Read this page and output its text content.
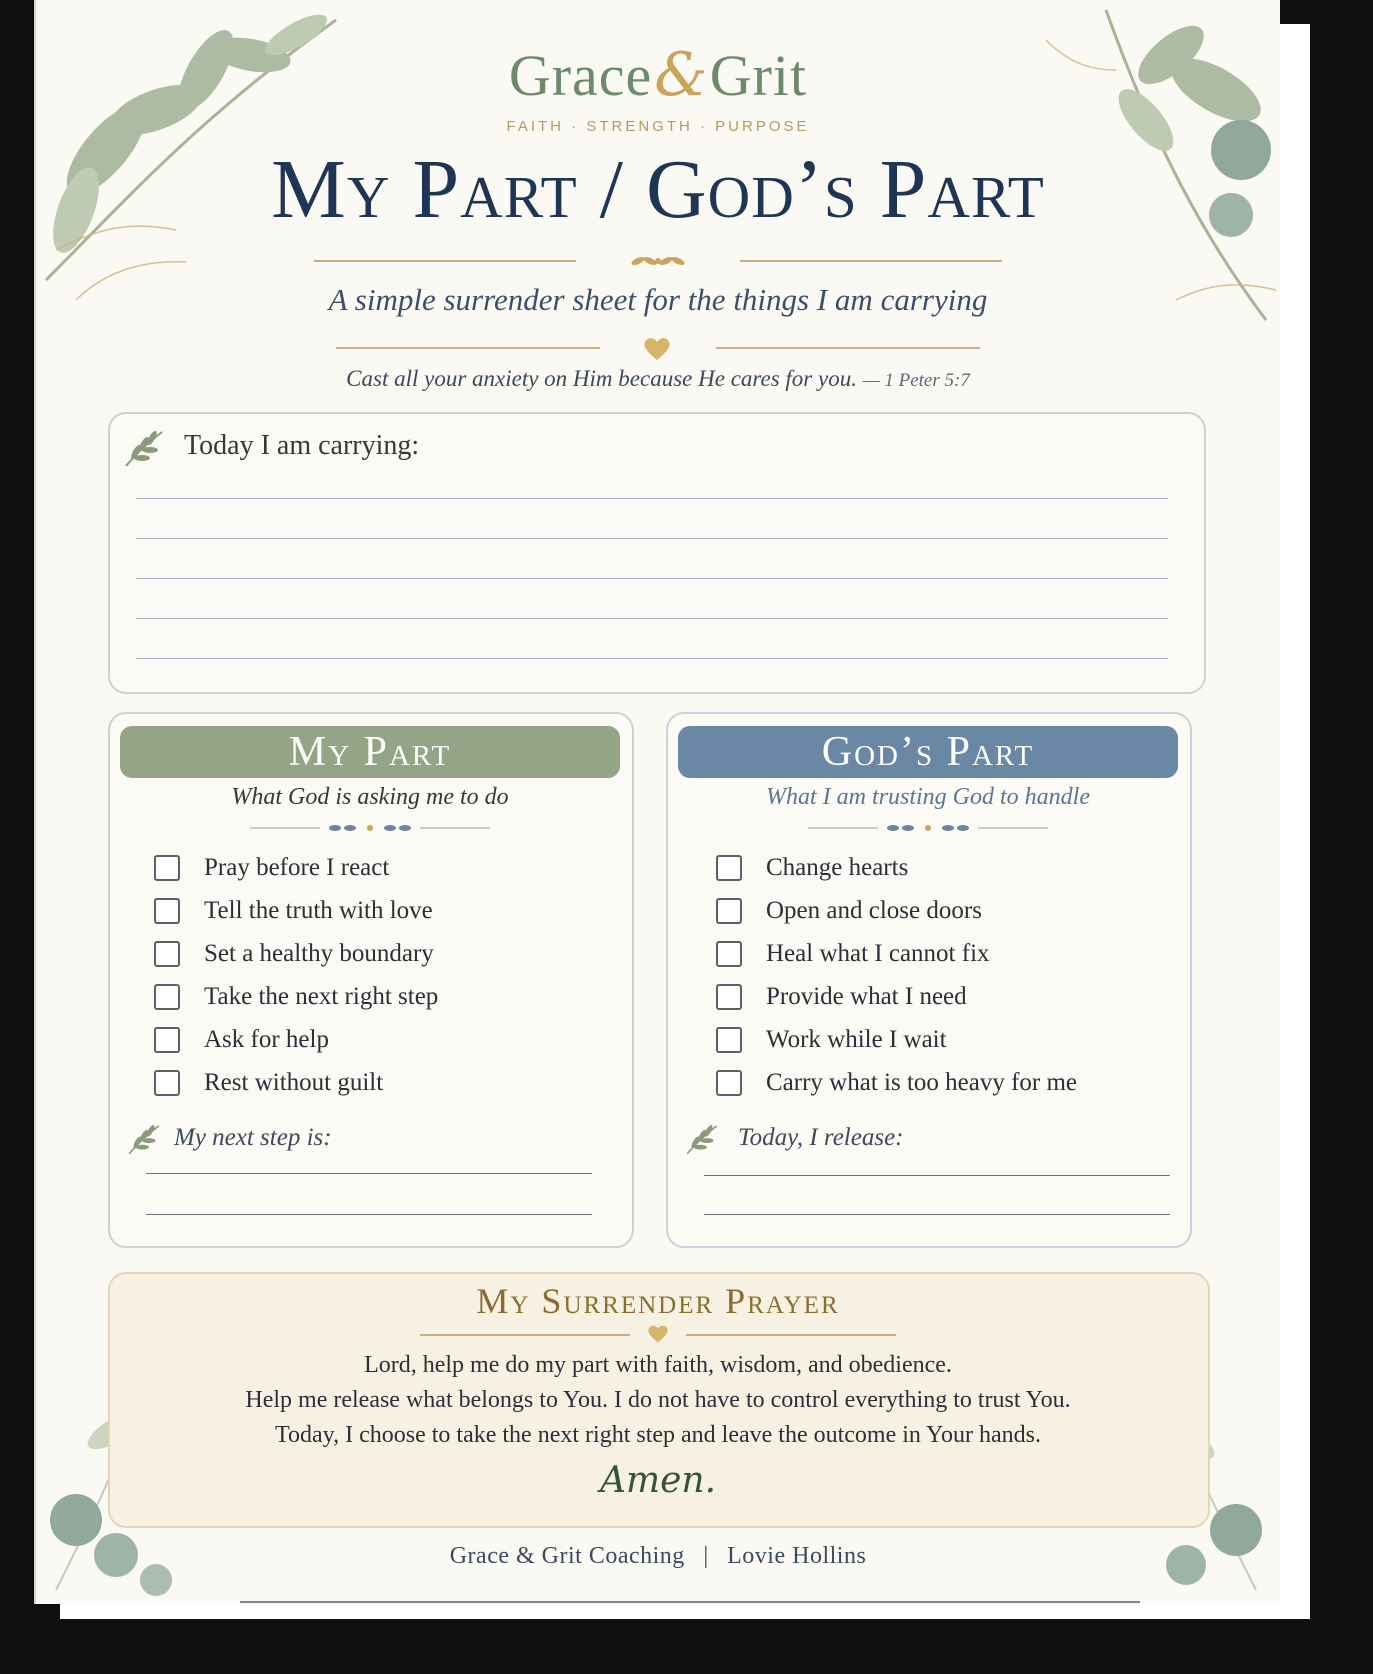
Grace&Grit
FAITH · STRENGTH · PURPOSE
My Part / God’s Part
A simple surrender sheet for the things I am carrying
Cast all your anxiety on Him because He cares for you. — 1 Peter 5:7
Today I am carrying:
My Part
What God is asking me to do
Pray before I react
Tell the truth with love
Set a healthy boundary
Take the next right step
Ask for help
Rest without guilt
My next step is:
God’s Part
What I am trusting God to handle
Change hearts
Open and close doors
Heal what I cannot fix
Provide what I need
Work while I wait
Carry what is too heavy for me
Today, I release:
My Surrender Prayer
Lord, help me do my part with faith, wisdom, and obedience.
Help me release what belongs to You. I do not have to control everything to trust You.
Today, I choose to take the next right step and leave the outcome in Your hands.
Amen.
Grace & Grit Coaching | Lovie Hollins
